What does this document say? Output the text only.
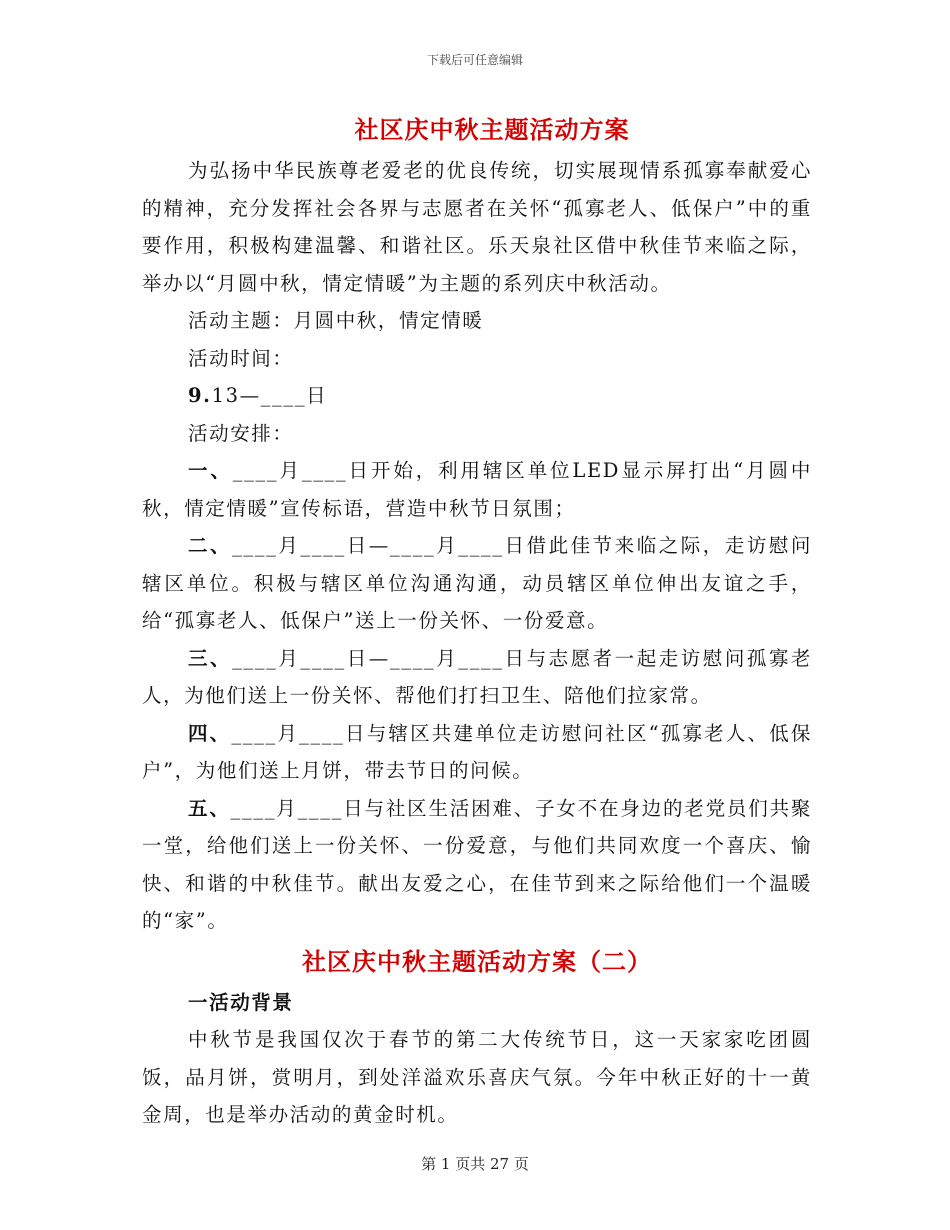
下载后可任意编辑
社区庆中秋主题活动方案

为弘扬中华民族尊老爱老的优良传统，切实展现情系孤寡奉献爱心的精神，充分发挥社会各界与志愿者在关怀“孤寡老人、低保户”中的重要作用，积极构建温馨、和谐社区。乐天泉社区借中秋佳节来临之际，举办以“月圆中秋，情定情暖”为主题的系列庆中秋活动。

活动主题：月圆中秋，情定情暖

活动时间：

9.13—____日

活动安排：

一、____月____日开始，利用辖区单位LED显示屏打出“月圆中秋，情定情暖”宣传标语，营造中秋节日氛围；

二、____月____日—____月____日借此佳节来临之际，走访慰问辖区单位。积极与辖区单位沟通沟通，动员辖区单位伸出友谊之手，给“孤寡老人、低保户”送上一份关怀、一份爱意。

三、____月____日—____月____日与志愿者一起走访慰问孤寡老人，为他们送上一份关怀、帮他们打扫卫生、陪他们拉家常。

四、____月____日与辖区共建单位走访慰问社区“孤寡老人、低保户”，为他们送上月饼，带去节日的问候。

五、____月____日与社区生活困难、子女不在身边的老党员们共聚一堂，给他们送上一份关怀、一份爱意，与他们共同欢度一个喜庆、愉快、和谐的中秋佳节。献出友爱之心，在佳节到来之际给他们一个温暖的“家”。

社区庆中秋主题活动方案（二）
一活动背景

中秋节是我国仅次于春节的第二大传统节日，这一天家家吃团圆饭，品月饼，赏明月，到处洋溢欢乐喜庆气氛。今年中秋正好的十一黄金周，也是举办活动的黄金时机。

第 1 页共 27 页
